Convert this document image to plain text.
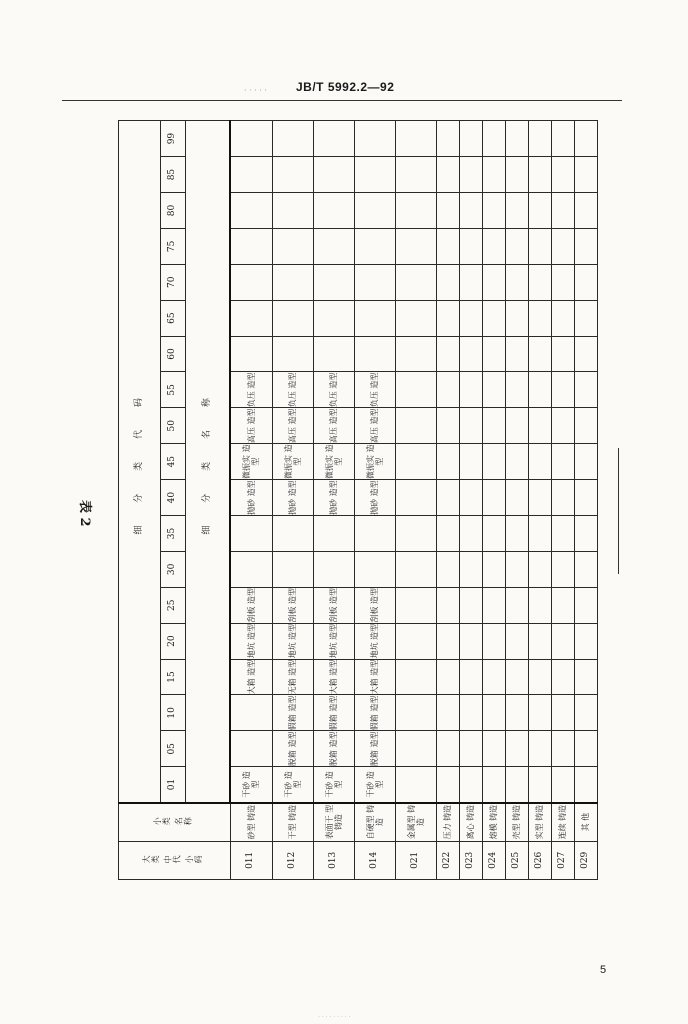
· · · · · JB/T 5992.2—92
表 2
大类 中代 小码	小类 名称	细 分 类 代 码																		
		01	05	10	15	20	25	30	35	40	45	50	55	60	65	70	75	80	85	99
		细 分 类 名 称																		
011	砂型 铸造	干砂 造型			大箱 造型	地坑 造型	刮板 造型			抛砂 造型	微振实 造 型	高压 造型	负压 造型							

012	干型 铸造	干砂 造型	脱箱 造型	假箱 造型	无箱 造型	地坑 造型	刮板 造型			抛砂 造型	微振实 造 型	高压 造型	负压 造型							

013	表面干 型铸造	干砂 造型	脱箱 造型	假箱 造型	大箱 造型	地坑 造型	刮板 造型			抛砂 造型	微振实 造 型	高压 造型	负压 造型							

014	自硬型 铸 造	干砂 造型	脱箱 造型	假箱 造型	大箱 造型	地坑 造型	刮板 造型			抛砂 造型	微振实 造 型	高压 造型	负压 造型							

021	金属型 铸 造																			

022	压力 铸造																			

023	离心 铸造																			

024	熔模 铸造																			

025	壳型 铸造																			

026	实型 铸造																			

027	连续 铸造																			

029	其 他																			

5
· · · · · · · · ·
